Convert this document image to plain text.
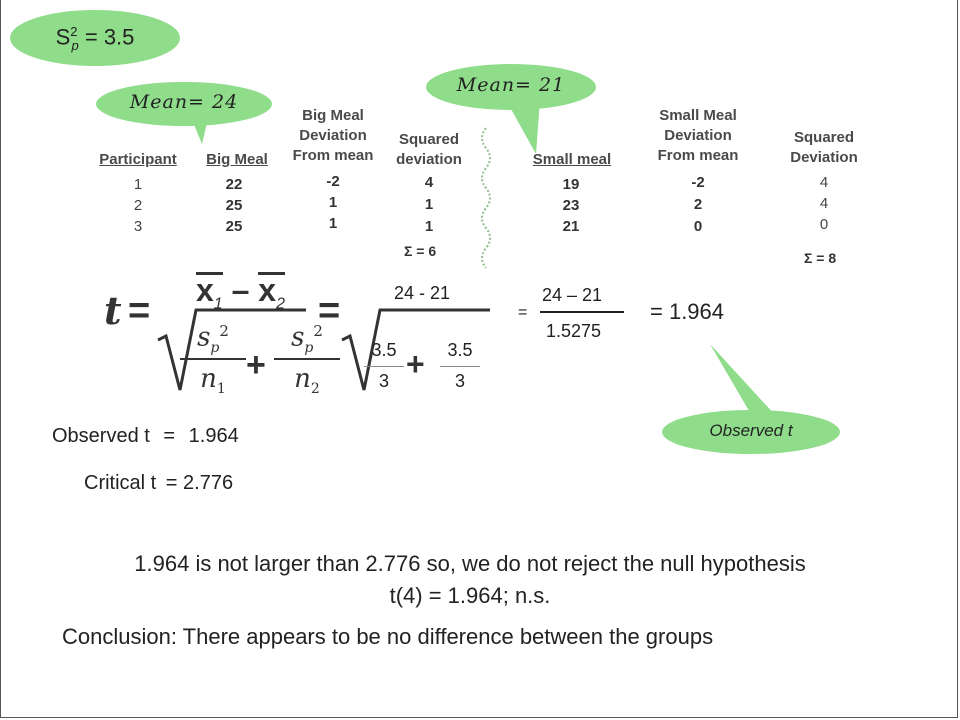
$S^2_p = 3.5$
Mean= 24
Mean= 21
Participant
1
2
3
Big Meal
22
25
25
Big Meal
Deviation
From mean
-2
1
1
Squared
deviation
4
1
1
Σ = 6
Small meal
19
23
21
Small Meal
Deviation
From mean
-2
2
0
Squared
Deviation
4
4
0
Σ = 8
$t = x_1 - x_2$
$s_p^2$
$n_1$
+
$s_p^2$
$n_2$
=	24 - 21
3.5
3 +	3.5
3
=
24 – 21
1.5275
= 1.964
Observed t
Observed t = 1.964
Critical t = 2.776
1.964 is not larger than 2.776 so, we do not reject the null hypothesis
t(4) = 1.964; n.s.
Conclusion: There appears to be no difference between the groups
